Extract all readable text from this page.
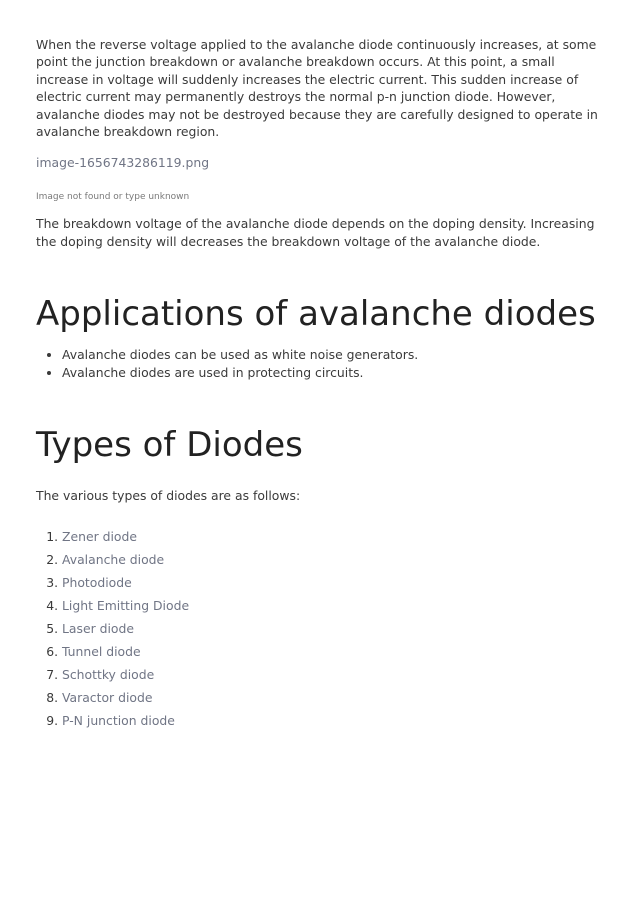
When the reverse voltage applied to the avalanche diode continuously increases, at some point the junction breakdown or avalanche breakdown occurs. At this point, a small increase in voltage will suddenly increases the electric current. This sudden increase of electric current may permanently destroys the normal p-n junction diode. However, avalanche diodes may not be destroyed because they are carefully designed to operate in avalanche breakdown region.

image-1656743286119.png
Image not found or type unknown

The breakdown voltage of the avalanche diode depends on the doping density. Increasing the doping density will decreases the breakdown voltage of the avalanche diode.

Applications of avalanche diodes
• Avalanche diodes can be used as white noise generators.
• Avalanche diodes are used in protecting circuits.
Types of Diodes

The various types of diodes are as follows:

1. Zener diode
2. Avalanche diode
3. Photodiode
4. Light Emitting Diode
5. Laser diode
6. Tunnel diode
7. Schottky diode
8. Varactor diode
9. P-N junction diode
